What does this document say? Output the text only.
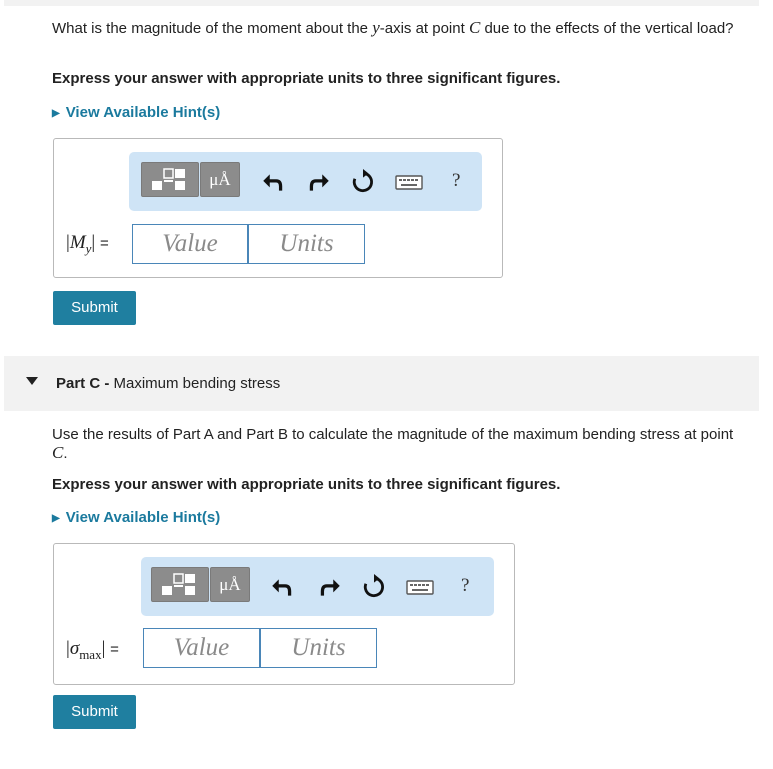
What is the magnitude of the moment about the y-axis at point C due to the effects of the vertical load?
Express your answer with appropriate units to three significant figures.
▶ View Available Hint(s)
μÅ	?
$|M_y|$ =	Value	Units
Submit
Part C - Maximum bending stress
Use the results of Part A and Part B to calculate the magnitude of the maximum bending stress at point C.
Express your answer with appropriate units to three significant figures.
▶ View Available Hint(s)
μÅ	?
$|\sigma_{max}|$ =	Value	Units
Submit
